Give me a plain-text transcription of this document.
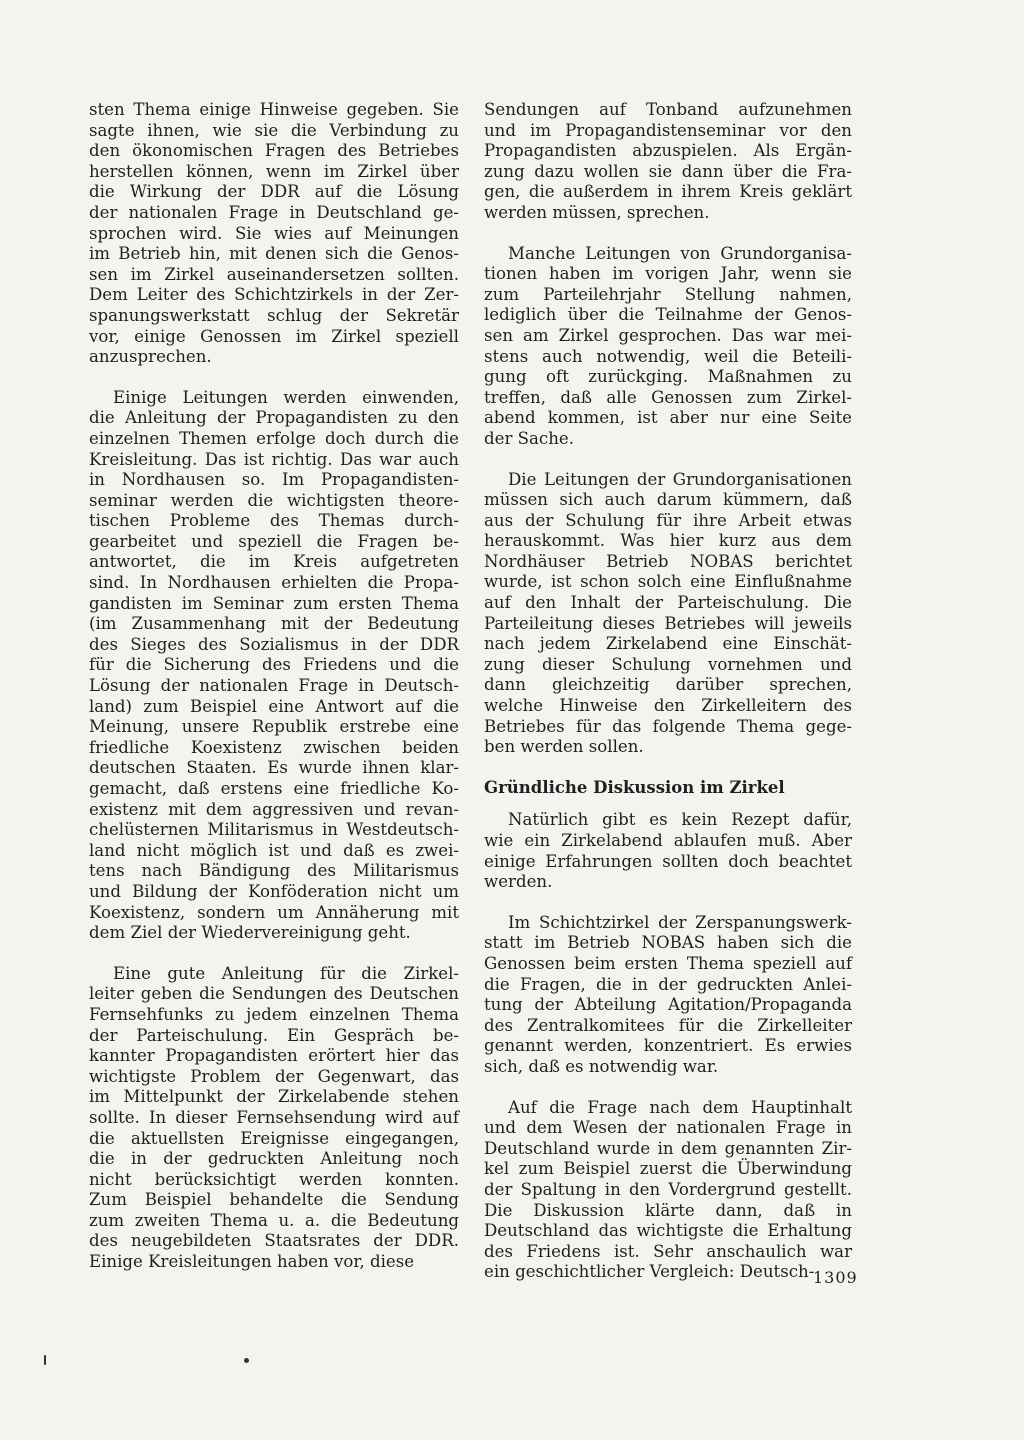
sten Thema einige Hinweise gegeben. Sie
sagte ihnen, wie sie die Verbindung zu
den ökonomischen Fragen des Betriebes
herstellen können, wenn im Zirkel über
die Wirkung der DDR auf die Lösung
der nationalen Frage in Deutschland ge-
sprochen wird. Sie wies auf Meinungen
im Betrieb hin, mit denen sich die Genos-
sen im Zirkel auseinandersetzen sollten.
Dem Leiter des Schichtzirkels in der Zer-
spanungswerkstatt schlug der Sekretär
vor, einige Genossen im Zirkel speziell
anzusprechen.
Einige Leitungen werden einwenden,
die Anleitung der Propagandisten zu den
einzelnen Themen erfolge doch durch die
Kreisleitung. Das ist richtig. Das war auch
in Nordhausen so. Im Propagandisten-
seminar werden die wichtigsten theore-
tischen Probleme des Themas durch-
gearbeitet und speziell die Fragen be-
antwortet, die im Kreis aufgetreten
sind. In Nordhausen erhielten die Propa-
gandisten im Seminar zum ersten Thema
(im Zusammenhang mit der Bedeutung
des Sieges des Sozialismus in der DDR
für die Sicherung des Friedens und die
Lösung der nationalen Frage in Deutsch-
land) zum Beispiel eine Antwort auf die
Meinung, unsere Republik erstrebe eine
friedliche Koexistenz zwischen beiden
deutschen Staaten. Es wurde ihnen klar-
gemacht, daß erstens eine friedliche Ko-
existenz mit dem aggressiven und revan-
chelüsternen Militarismus in Westdeutsch-
land nicht möglich ist und daß es zwei-
tens nach Bändigung des Militarismus
und Bildung der Konföderation nicht um
Koexistenz, sondern um Annäherung mit
dem Ziel der Wiedervereinigung geht.
Eine gute Anleitung für die Zirkel-
leiter geben die Sendungen des Deutschen
Fernsehfunks zu jedem einzelnen Thema
der Parteischulung. Ein Gespräch be-
kannter Propagandisten erörtert hier das
wichtigste Problem der Gegenwart, das
im Mittelpunkt der Zirkelabende stehen
sollte. In dieser Fernsehsendung wird auf
die aktuellsten Ereignisse eingegangen,
die in der gedruckten Anleitung noch
nicht berücksichtigt werden konnten.
Zum Beispiel behandelte die Sendung
zum zweiten Thema u. a. die Bedeutung
des neugebildeten Staatsrates der DDR.
Einige Kreisleitungen haben vor, diese
Sendungen auf Tonband aufzunehmen
und im Propagandistenseminar vor den
Propagandisten abzuspielen. Als Ergän-
zung dazu wollen sie dann über die Fra-
gen, die außerdem in ihrem Kreis geklärt
werden müssen, sprechen.
Manche Leitungen von Grundorganisa-
tionen haben im vorigen Jahr, wenn sie
zum Parteilehrjahr Stellung nahmen,
lediglich über die Teilnahme der Genos-
sen am Zirkel gesprochen. Das war mei-
stens auch notwendig, weil die Beteili-
gung oft zurückging. Maßnahmen zu
treffen, daß alle Genossen zum Zirkel-
abend kommen, ist aber nur eine Seite
der Sache.
Die Leitungen der Grundorganisationen
müssen sich auch darum kümmern, daß
aus der Schulung für ihre Arbeit etwas
herauskommt. Was hier kurz aus dem
Nordhäuser Betrieb NOBAS berichtet
wurde, ist schon solch eine Einflußnahme
auf den Inhalt der Parteischulung. Die
Parteileitung dieses Betriebes will jeweils
nach jedem Zirkelabend eine Einschät-
zung dieser Schulung vornehmen und
dann gleichzeitig darüber sprechen,
welche Hinweise den Zirkelleitern des
Betriebes für das folgende Thema gege-
ben werden sollen.
Gründliche Diskussion im Zirkel
Natürlich gibt es kein Rezept dafür,
wie ein Zirkelabend ablaufen muß. Aber
einige Erfahrungen sollten doch beachtet
werden.
Im Schichtzirkel der Zerspanungswerk-
statt im Betrieb NOBAS haben sich die
Genossen beim ersten Thema speziell auf
die Fragen, die in der gedruckten Anlei-
tung der Abteilung Agitation/Propaganda
des Zentralkomitees für die Zirkelleiter
genannt werden, konzentriert. Es erwies
sich, daß es notwendig war.
Auf die Frage nach dem Hauptinhalt
und dem Wesen der nationalen Frage in
Deutschland wurde in dem genannten Zir-
kel zum Beispiel zuerst die Überwindung
der Spaltung in den Vordergrund gestellt.
Die Diskussion klärte dann, daß in
Deutschland das wichtigste die Erhaltung
des Friedens ist. Sehr anschaulich war
ein geschichtlicher Vergleich: Deutsch-
1309
